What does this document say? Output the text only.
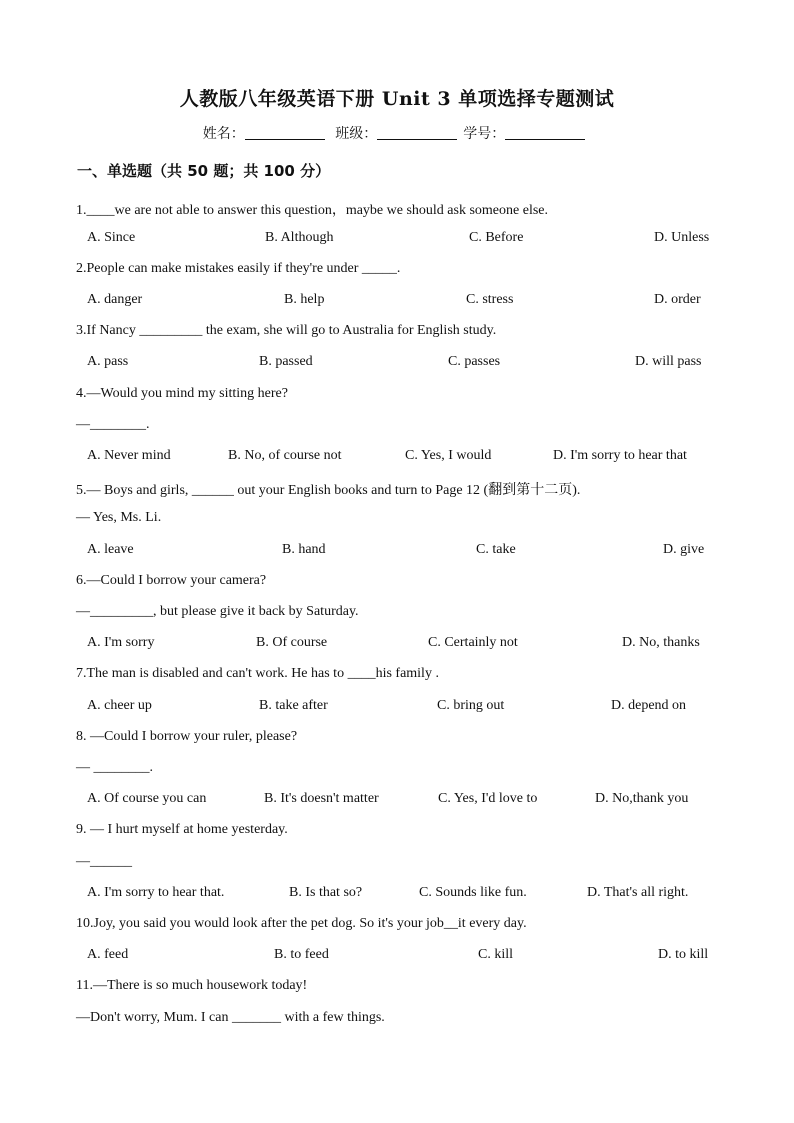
人教版八年级英语下册 Unit 3 单项选择专题测试
姓名：	班级：	学号：
一、单选题（共 50 题；共 100 分）
1.____we are not able to answer this question，maybe we should ask someone else.
A. Since	B. Although	C. Before	D. Unless
2.People can make mistakes easily if they're under _____.
A. danger	B. help	C. stress	D. order
3.If Nancy _________ the exam, she will go to Australia for English study.
A. pass	B. passed	C. passes	D. will pass
4.—Would you mind my sitting here?
—________.
A. Never mind	B. No, of course not	C. Yes, I would	D. I'm sorry to hear that
5.— Boys and girls, ______ out your English books and turn to Page 12 (翻到第十二页).
— Yes, Ms. Li.
A. leave	B. hand	C. take	D. give
6.—Could I borrow your camera?
—_________, but please give it back by Saturday.
A. I'm sorry	B. Of course	C. Certainly not	D. No, thanks
7.The man is disabled and can't work. He has to ____his family .
A. cheer up	B. take after	C. bring out	D. depend on
8. —Could I borrow your ruler, please?
— ________.
A. Of course you can	B. It's doesn't matter	C. Yes, I'd love to	D. No,thank you
9. — I hurt myself at home yesterday.
—______
A. I'm sorry to hear that.	B. Is that so?	C. Sounds like fun.	D. That's all right.
10.Joy, you said you would look after the pet dog. So it's your job__it every day.
A. feed	B. to feed	C. kill	D. to kill
11.—There is so much housework today!
—Don't worry, Mum. I can _______ with a few things.
